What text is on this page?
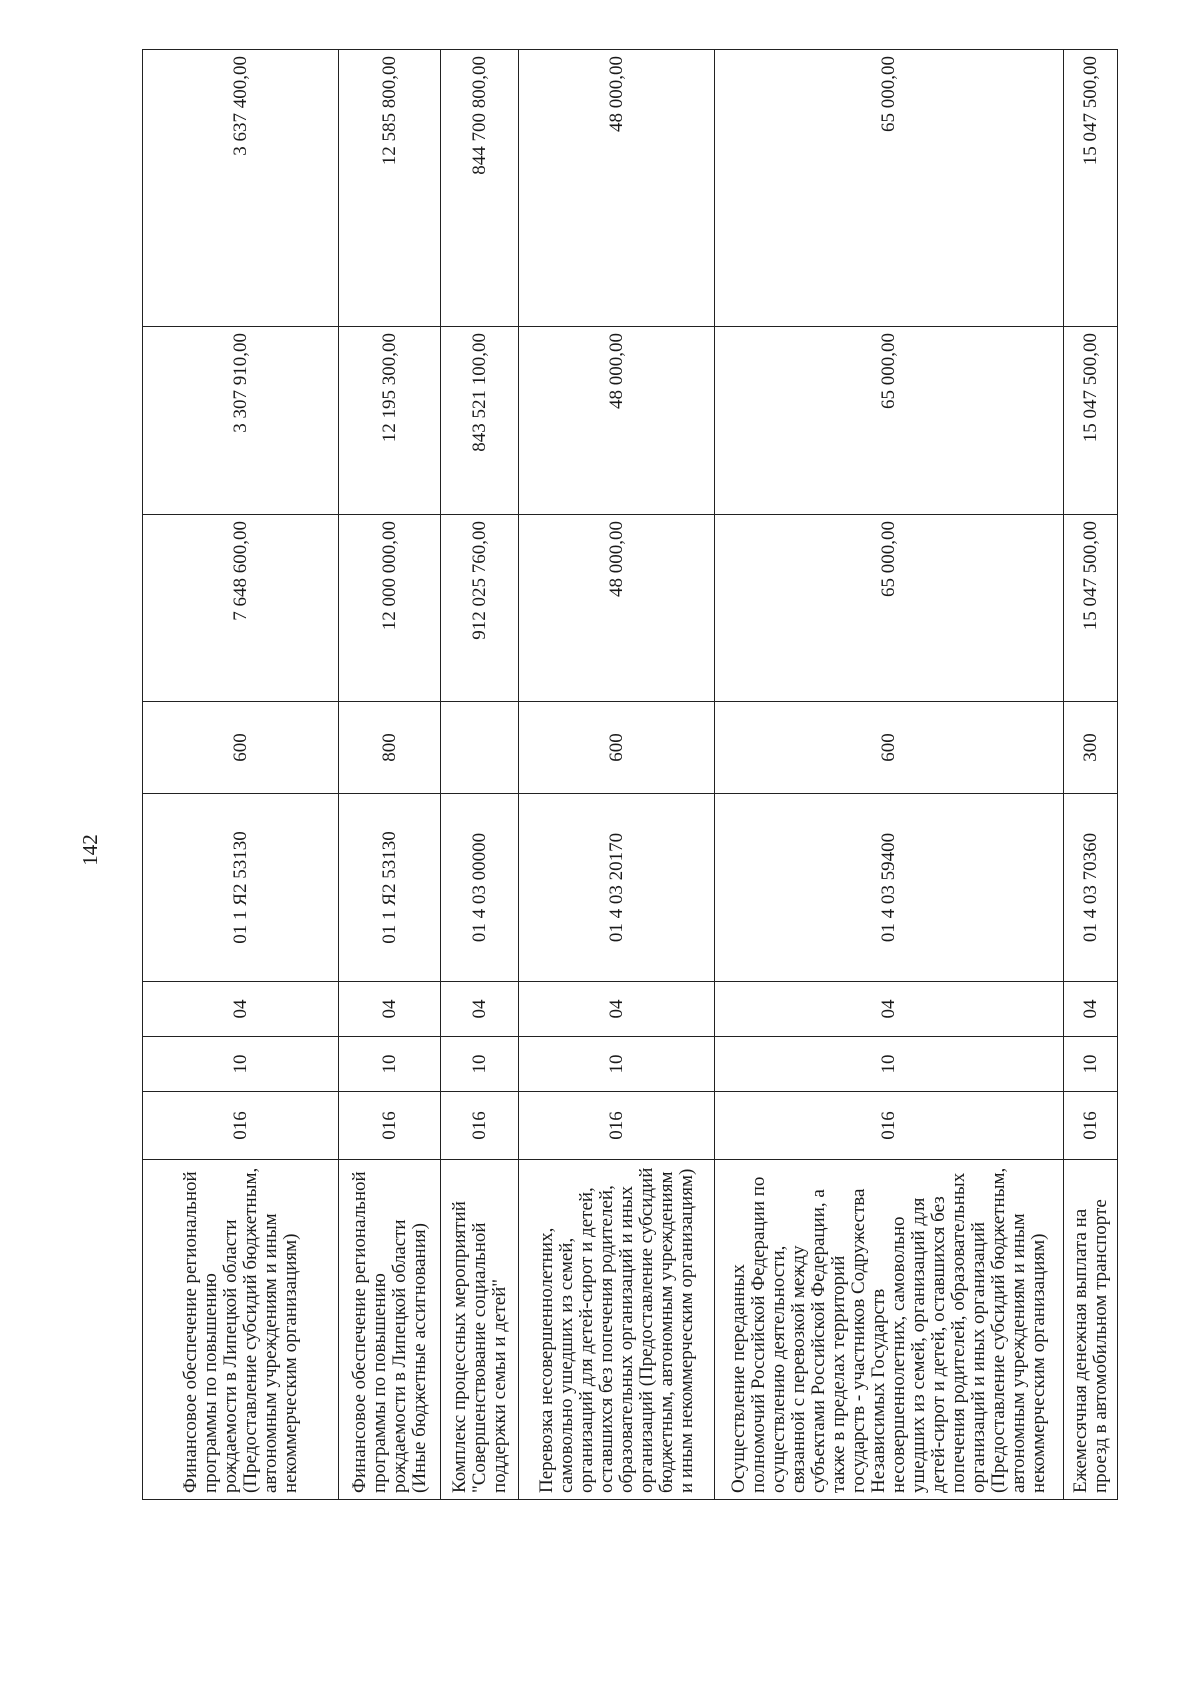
142
Финансовое обеспечение региональной программы по повышению рождаемости в Липецкой области (Предоставление субсидий бюджетным, автономным учреждениям и иным некоммерческим организациям)	016	10	04	01 1 Я2 53130	600	7 648 600,00	3 307 910,00	3 637 400,00
Финансовое обеспечение региональной программы по повышению рождаемости в Липецкой области (Иные бюджетные ассигнования)	016	10	04	01 1 Я2 53130	800	12 000 000,00	12 195 300,00	12 585 800,00
Комплекс процессных мероприятий "Совершенствование социальной поддержки семьи и детей"	016	10	04	01 4 03 00000		912 025 760,00	843 521 100,00	844 700 800,00
Перевозка несовершеннолетних, самовольно ушедших из семей, организаций для детей-сирот и детей, оставшихся без попечения родителей, образовательных организаций и иных организаций (Предоставление субсидий бюджетным, автономным учреждениям и иным некоммерческим организациям)	016	10	04	01 4 03 20170	600	48 000,00	48 000,00	48 000,00
Осуществление переданных полномочий Российской Федерации по осуществлению деятельности, связанной с перевозкой между субъектами Российской Федерации, а также в пределах территорий государств - участников Содружества Независимых Государств несовершеннолетних, самовольно ушедших из семей, организаций для детей-сирот и детей, оставшихся без попечения родителей, образовательных организаций и иных организаций (Предоставление субсидий бюджетным, автономным учреждениям и иным некоммерческим организациям)	016	10	04	01 4 03 59400	600	65 000,00	65 000,00	65 000,00
Ежемесячная денежная выплата на проезд в автомобильном транспорте	016	10	04	01 4 03 70360	300	15 047 500,00	15 047 500,00	15 047 500,00
